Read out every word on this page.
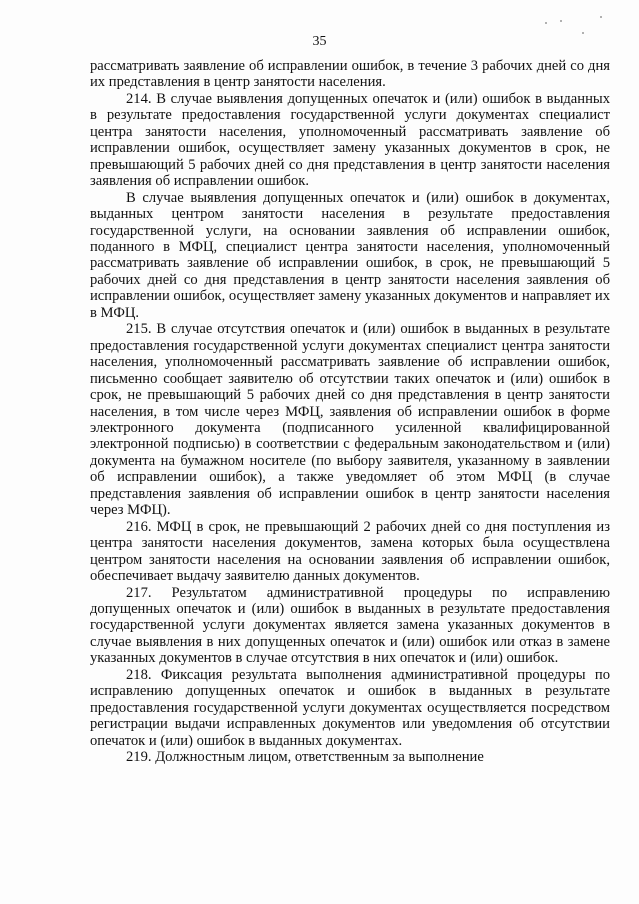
35

рассматривать заявление об исправлении ошибок, в течение 3 рабочих дней со дня их представления в центр занятости населения.

214. В случае выявления допущенных опечаток и (или) ошибок в выданных в результате предоставления государственной услуги документах специалист центра занятости населения, уполномоченный рассматривать заявление об исправлении ошибок, осуществляет замену указанных документов в срок, не превышающий 5 рабочих дней со дня представления в центр занятости населения заявления об исправлении ошибок.

В случае выявления допущенных опечаток и (или) ошибок в документах, выданных центром занятости населения в результате предоставления государственной услуги, на основании заявления об исправлении ошибок, поданного в МФЦ, специалист центра занятости населения, уполномоченный рассматривать заявление об исправлении ошибок, в срок, не превышающий 5 рабочих дней со дня представления в центр занятости населения заявления об исправлении ошибок, осуществляет замену указанных документов и направляет их в МФЦ.

215. В случае отсутствия опечаток и (или) ошибок в выданных в результате предоставления государственной услуги документах специалист центра занятости населения, уполномоченный рассматривать заявление об исправлении ошибок, письменно сообщает заявителю об отсутствии таких опечаток и (или) ошибок в срок, не превышающий 5 рабочих дней со дня представления в центр занятости населения, в том числе через МФЦ, заявления об исправлении ошибок в форме электронного документа (подписанного усиленной квалифицированной электронной подписью) в соответствии с федеральным законодательством и (или) документа на бумажном носителе (по выбору заявителя, указанному в заявлении об исправлении ошибок), а также уведомляет об этом МФЦ (в случае представления заявления об исправлении ошибок в центр занятости населения через МФЦ).

216. МФЦ в срок, не превышающий 2 рабочих дней со дня поступления из центра занятости населения документов, замена которых была осуществлена центром занятости населения на основании заявления об исправлении ошибок, обеспечивает выдачу заявителю данных документов.

217. Результатом административной процедуры по исправлению допущенных опечаток и (или) ошибок в выданных в результате предоставления государственной услуги документах является замена указанных документов в случае выявления в них допущенных опечаток и (или) ошибок или отказ в замене указанных документов в случае отсутствия в них опечаток и (или) ошибок.

218. Фиксация результата выполнения административной процедуры по исправлению допущенных опечаток и ошибок в выданных в результате предоставления государственной услуги документах осуществляется посредством регистрации выдачи исправленных документов или уведомления об отсутствии опечаток и (или) ошибок в выданных документах.

219. Должностным лицом, ответственным за выполнение
